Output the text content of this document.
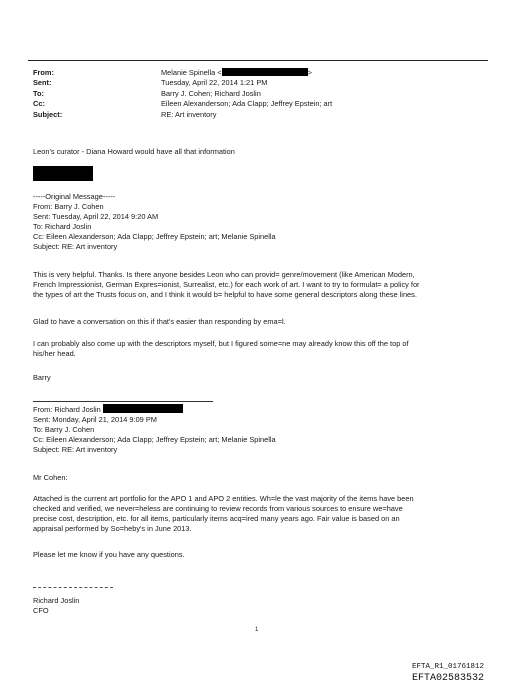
From:	Melanie Spinella <	>
Sent:	Tuesday, April 22, 2014 1:21 PM
To:	Barry J. Cohen; Richard Joslin
Cc:	Eileen Alexanderson; Ada Clapp; Jeffrey Epstein; art
Subject:	RE: Art inventory

Leon's curator - Diana Howard would have all that information

-----Original Message-----

From: Barry J. Cohen

Sent: Tuesday, April 22, 2014 9:20 AM

To: Richard Joslin

Cc: Eileen Alexanderson; Ada Clapp; Jeffrey Epstein; art; Melanie Spinella

Subject: RE: Art inventory

This is very helpful. Thanks. Is there anyone besides Leon who can provid= genre/movement (like American Modern,

French Impressionist, German Expres=ionist, Surrealist, etc.) for each work of art. I want to try to formulat= a policy for

the types of art the Trusts focus on, and I think it would b= helpful to have some general descriptors along these lines.

Glad to have a conversation on this if that's easier than responding by ema=l.

I can probably also come up with the descriptors myself, but I figured some=ne may already know this off the top of

his/her head.

Barry

From: Richard Joslin

Sent: Monday, April 21, 2014 9:09 PM

To: Barry J. Cohen

Cc: Eileen Alexanderson; Ada Clapp; Jeffrey Epstein; art; Melanie Spinella

Subject: RE: Art inventory

Mr Cohen:

Attached is the current art portfolio for the APO 1 and APO 2 entities. Wh=le the vast majority of the items have been

checked and verified, we never=heless are continuing to review records from various sources to ensure we=have

precise cost, description, etc. for all items, particularly items acq=ired many years ago. Fair value is based on an

appraisal performed by So=heby's in June 2013.

Please let me know if you have any questions.

Richard Joslin

CFO

1
EFTA_R1_01761812
EFTA02583532
